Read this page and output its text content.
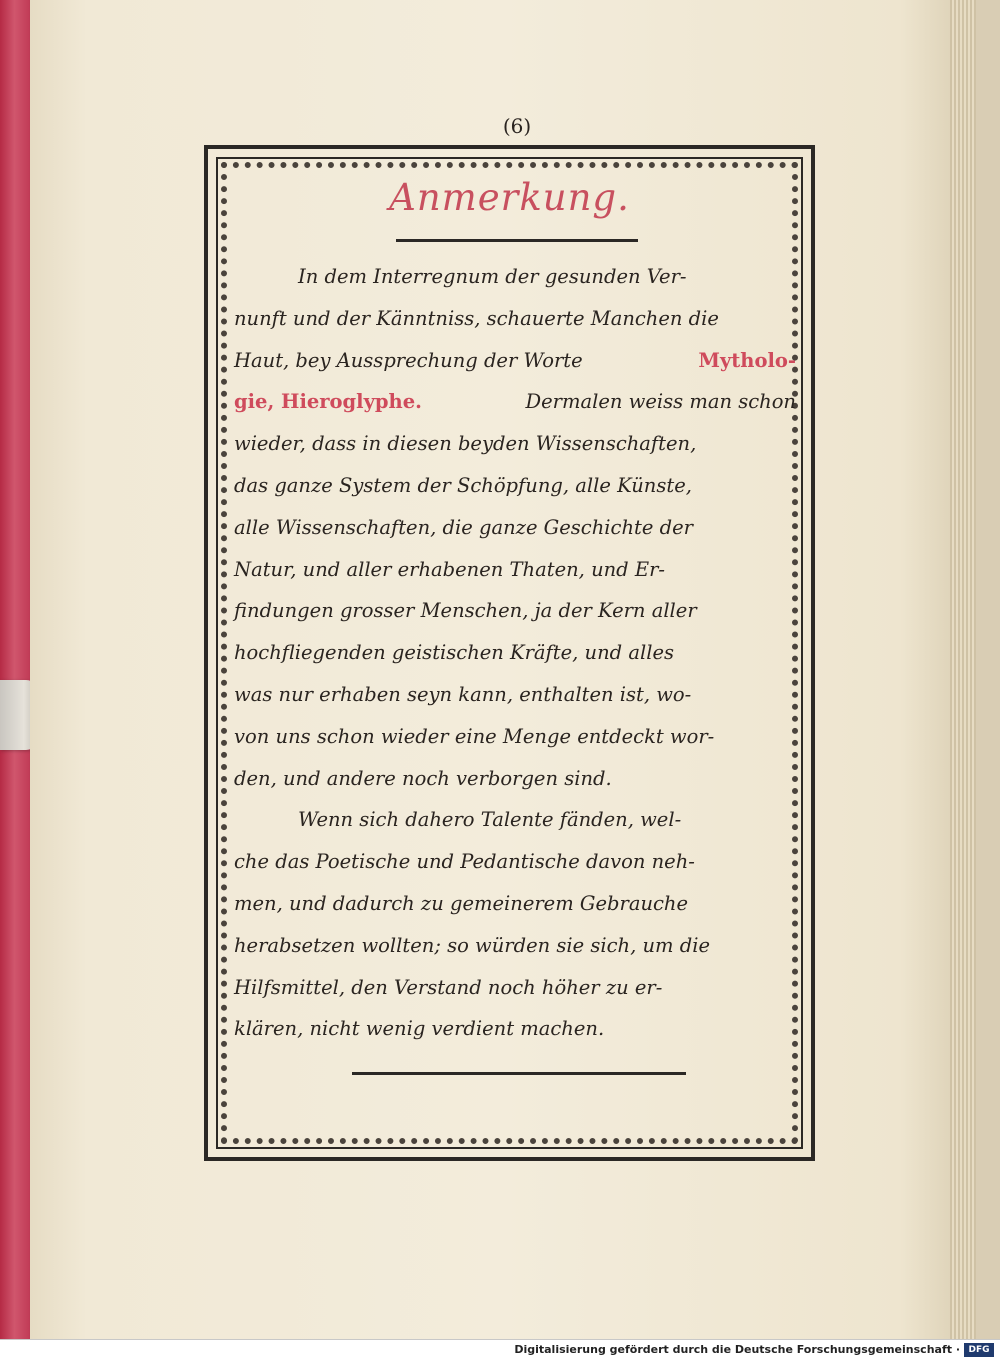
(6)
Anmerkung.
In dem Interregnum der gesunden Ver-
nunft und der Känntniss, schauerte Manchen die
Haut, bey Aussprechung der Worte	Mytholo-
gie, Hieroglyphe.	Dermalen weiss man schon
wieder, dass in diesen beyden Wissenschaften,
das ganze System der Schöpfung, alle Künste,
alle Wissenschaften, die ganze Geschichte der
Natur, und aller erhabenen Thaten, und Er-
findungen grosser Menschen, ja der Kern aller
hochfliegenden geistischen Kräfte, und alles
was nur erhaben seyn kann, enthalten ist, wo-
von uns schon wieder eine Menge entdeckt wor-
den, und andere noch verborgen sind.
Wenn sich dahero Talente fänden, wel-
che das Poetische und Pedantische davon neh-
men, und dadurch zu gemeinerem Gebrauche
herabsetzen wollten; so würden sie sich, um die
Hilfsmittel, den Verstand noch höher zu er-
klären, nicht wenig verdient machen.
Digitalisierung gefördert durch die Deutsche Forschungsgemeinschaft · DFG
